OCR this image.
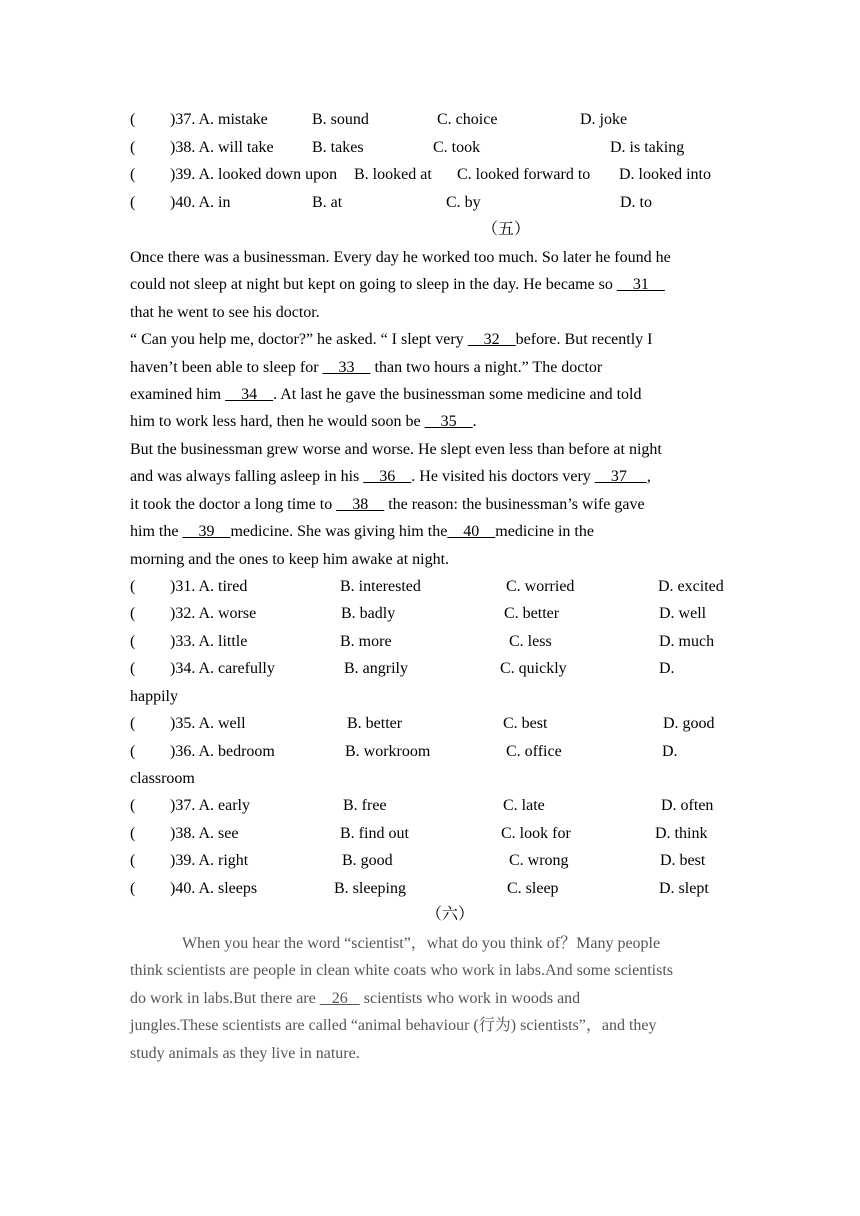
( )37. A. mistake	B. sound	C. choice	D. joke
( )38. A. will take B. takes	C. took	D. is taking
( )39. A. looked down upon B. looked at C. looked forward to D. looked into
( )40. A. in	B. at	C. by	D. to
（五）
Once there was a businessman. Every day he worked too much. So later he found he
could not sleep at night but kept on going to sleep in the day. He became so     31
that he went to see his doctor.
“ Can you help me, doctor?” he asked. “ I slept very     32    before. But recently I
haven’t been able to sleep for     33     than two hours a night.” The doctor
examined him     34    . At last he gave the businessman some medicine and told
him to work less hard, then he would soon be     35    .
But the businessman grew worse and worse. He slept even less than before at night
and was always falling asleep in his     36    . He visited his doctors very     37     ,
it took the doctor a long time to     38     the reason: the businessman’s wife gave
him the     39    medicine. She was giving him the    40    medicine in the
morning and the ones to keep him awake at night.
( )31. A. tired	B. interested	C. worried	D. excited
( )32. A. worse	B. badly	C. better	D. well
( )33. A. little	B. more	C. less	D. much
( )34. A. carefully	B. angrily	C. quickly	D.
happily
( )35. A. well	B. better	C. best	D. good
( )36. A. bedroom	B. workroom	C. office	D.
classroom
( )37. A. early	B. free	C. late	D. often
( )38. A. see	B. find out	C. look for	D. think
( )39. A. right	B. good	C. wrong	D. best
( )40. A. sleeps	B. sleeping	C. sleep	D. slept
（六）
When you hear the word “scientist”，what do you think of？Many people
think scientists are people in clean white coats who work in labs.And some scientists
do work in labs.But there are    26    scientists who work in woods and
jungles.These scientists are called “animal behaviour (行为) scientists”，and they
study animals as they live in nature.
